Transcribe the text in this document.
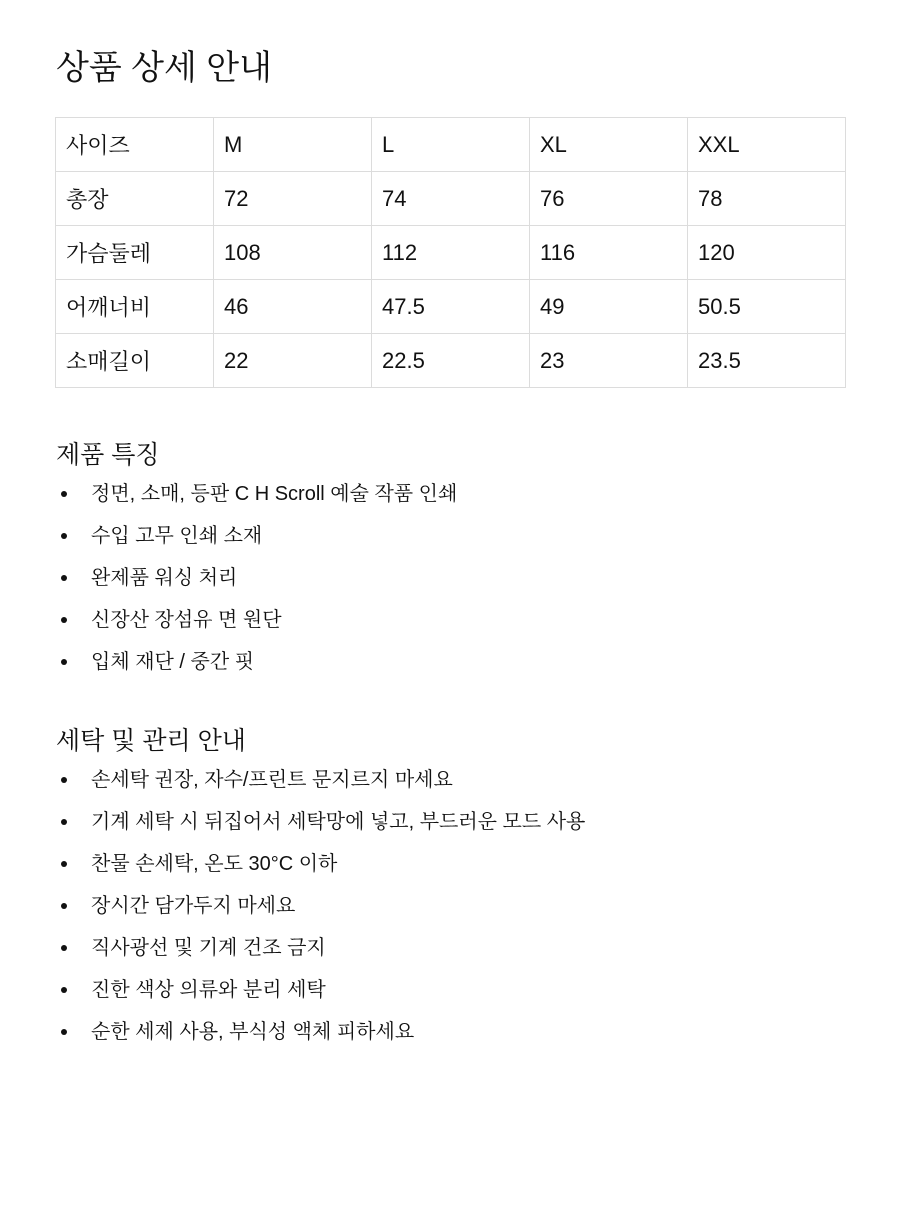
상품 상세 안내
사이즈	M	L	XL	XXL
총장	72	74	76	78
가슴둘레	108	112	116	120
어깨너비	46	47.5	49	50.5
소매길이	22	22.5	23	23.5
제품 특징
정면, 소매, 등판 C H Scroll 예술 작품 인쇄
수입 고무 인쇄 소재
완제품 워싱 처리
신장산 장섬유 면 원단
입체 재단 / 중간 핏
세탁 및 관리 안내
손세탁 권장, 자수/프린트 문지르지 마세요
기계 세탁 시 뒤집어서 세탁망에 넣고, 부드러운 모드 사용
찬물 손세탁, 온도 30°C 이하
장시간 담가두지 마세요
직사광선 및 기계 건조 금지
진한 색상 의류와 분리 세탁
순한 세제 사용, 부식성 액체 피하세요
